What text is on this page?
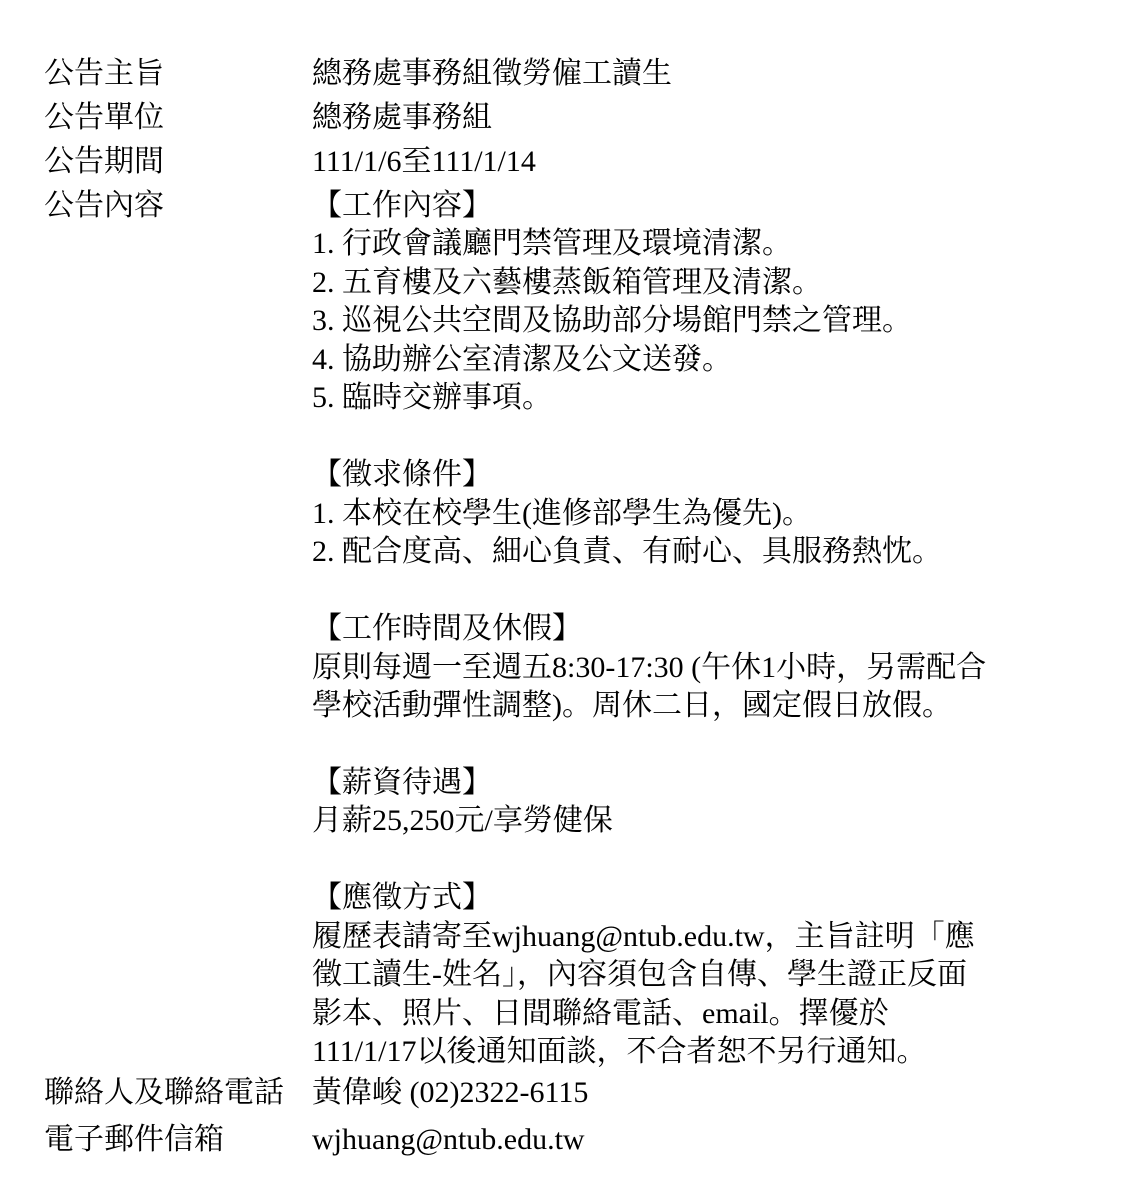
公告主旨	總務處事務組徵勞僱工讀生
公告單位	總務處事務組
公告期間	111/1/6至111/1/14
公告內容	【工作內容】
1. 行政會議廳門禁管理及環境清潔。
2. 五育樓及六藝樓蒸飯箱管理及清潔。
3. 巡視公共空間及協助部分場館門禁之管理。
4. 協助辦公室清潔及公文送發。
5. 臨時交辦事項。
【徵求條件】
1. 本校在校學生(進修部學生為優先)。
2. 配合度高、細心負責、有耐心、具服務熱忱。
【工作時間及休假】
原則每週一至週五8:30-17:30 (午休1小時，另需配合
學校活動彈性調整)。周休二日，國定假日放假。
【薪資待遇】
月薪25,250元/享勞健保
【應徵方式】
履歷表請寄至wjhuang@ntub.edu.tw，主旨註明「應
徵工讀生-姓名」，內容須包含自傳、學生證正反面
影本、照片、日間聯絡電話、email。擇優於
111/1/17以後通知面談，不合者恕不另行通知。
聯絡人及聯絡電話 黃偉峻 (02)2322-6115
電子郵件信箱	wjhuang@ntub.edu.tw
